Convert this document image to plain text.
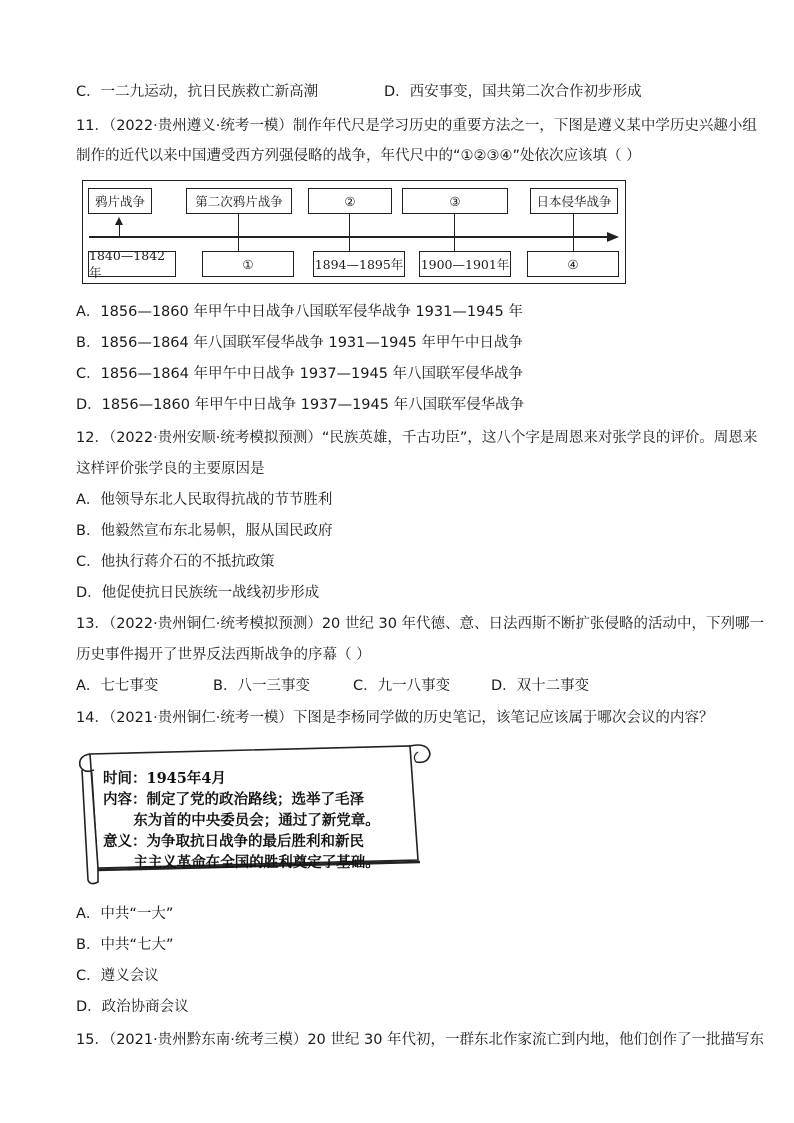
C．一二九运动，抗日民族救亡新高潮	D．西安事变，国共第二次合作初步形成
11．（2022·贵州遵义·统考一模）制作年代尺是学习历史的重要方法之一，下图是遵义某中学历史兴趣小组
制作的近代以来中国遭受西方列强侵略的战争，年代尺中的“①②③④”处依次应该填（ ）
鸦片战争	第二次鸦片战争	②	③	日本侵华战争
1840—1842年
①	1894—1895年 1900—1901年	④
A．1856—1860 年甲午中日战争八国联军侵华战争 1931—1945 年
B．1856—1864 年八国联军侵华战争 1931—1945 年甲午中日战争
C．1856—1864 年甲午中日战争 1937—1945 年八国联军侵华战争
D．1856—1860 年甲午中日战争 1937—1945 年八国联军侵华战争
12．（2022·贵州安顺·统考模拟预测）“民族英雄，千古功臣”，这八个字是周恩来对张学良的评价。周恩来
这样评价张学良的主要原因是
A．他领导东北人民取得抗战的节节胜利
B．他毅然宣布东北易帜，服从国民政府
C．他执行蒋介石的不抵抗政策
D．他促使抗日民族统一战线初步形成
13．（2022·贵州铜仁·统考模拟预测）20 世纪 30 年代德、意、日法西斯不断扩张侵略的活动中，下列哪一
历史事件揭开了世界反法西斯战争的序幕（ ）
A．七七事变	B．八一三事变	C．九一八事变	D．双十二事变
14．（2021·贵州铜仁·统考一模）下图是李杨同学做的历史笔记，该笔记应该属于哪次会议的内容？
时间：1945年4月
内容：制定了党的政治路线；选举了毛泽
东为首的中央委员会；通过了新党章。
意义：为争取抗日战争的最后胜利和新民
主主义革命在全国的胜利奠定了基础。
A．中共“一大”
B．中共“七大”
C．遵义会议
D．政治协商会议
15．（2021·贵州黔东南·统考三模）20 世纪 30 年代初，一群东北作家流亡到内地，他们创作了一批描写东
